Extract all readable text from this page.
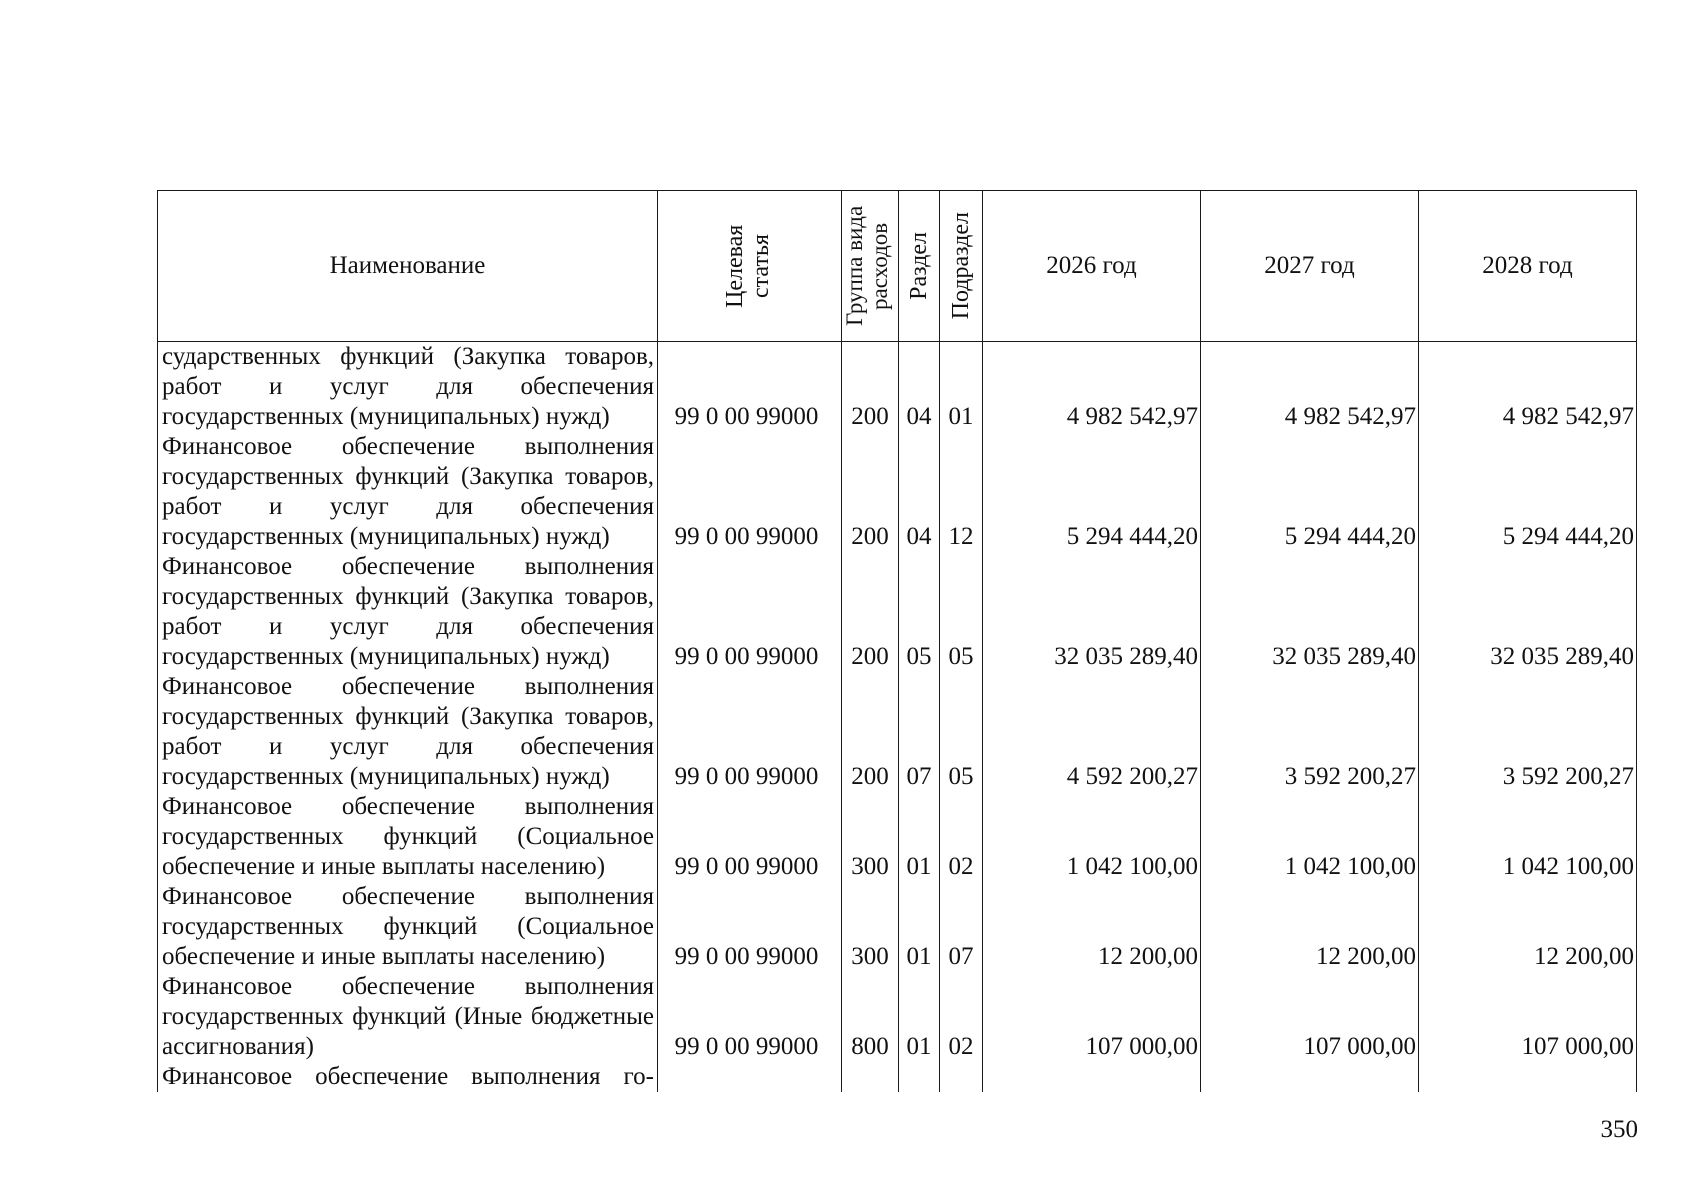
Наименование	Целевая статья	Группа вида расходов	Раздел	Подраздел	2026 год	2027 год	2028 год
сударственных функций (Закупка товаров, работ и услуг для обеспечения государственных (муниципальных) нужд)	99 0 00 99000	200	04	01	4 982 542,97	4 982 542,97	4 982 542,97
Финансовое обеспечение выполнения государственных функций (Закупка товаров, работ и услуг для обеспечения государственных (муниципальных) нужд)	99 0 00 99000	200	04	12	5 294 444,20	5 294 444,20	5 294 444,20
Финансовое обеспечение выполнения государственных функций (Закупка товаров, работ и услуг для обеспечения государственных (муниципальных) нужд)	99 0 00 99000	200	05	05	32 035 289,40	32 035 289,40	32 035 289,40
Финансовое обеспечение выполнения государственных функций (Закупка товаров, работ и услуг для обеспечения государственных (муниципальных) нужд)	99 0 00 99000	200	07	05	4 592 200,27	3 592 200,27	3 592 200,27
Финансовое обеспечение выполнения государственных функций (Социальное обеспечение и иные выплаты населению)	99 0 00 99000	300	01	02	1 042 100,00	1 042 100,00	1 042 100,00
Финансовое обеспечение выполнения государственных функций (Социальное обеспечение и иные выплаты населению)	99 0 00 99000	300	01	07	12 200,00	12 200,00	12 200,00
Финансовое обеспечение выполнения государственных функций (Иные бюджетные ассигнования)	99 0 00 99000	800	01	02	107 000,00	107 000,00	107 000,00
Финансовое обеспечение выполнения го-							
350
